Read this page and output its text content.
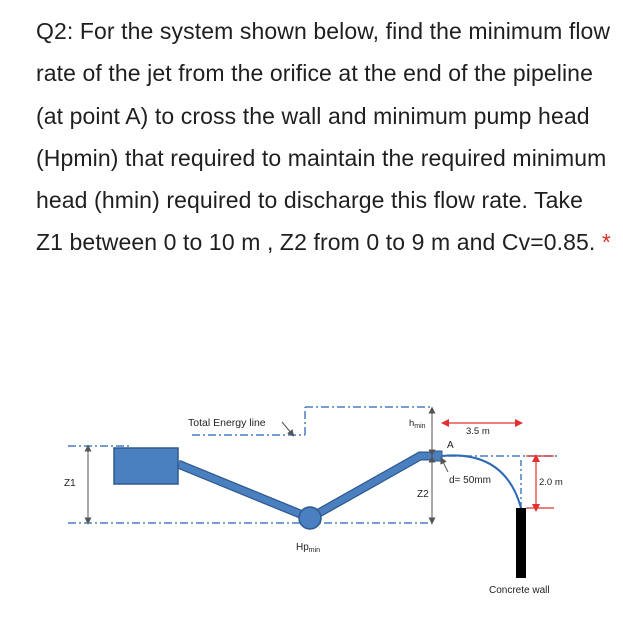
Q2: For the system shown below, find the minimum flow rate of the jet from the orifice at the end of the pipeline (at point A) to cross the wall and minimum pump head (Hpmin) that required to maintain the required minimum head (hmin) required to discharge this flow rate. Take Z1 between 0 to 10 m , Z2 from 0 to 9 m and Cv=0.85. *

Total Energy line	$h_{min}$
Z1
Z2
$Hp_{min}$
A
3.5 m
d= 50mm	2.0 m
Concrete wall
